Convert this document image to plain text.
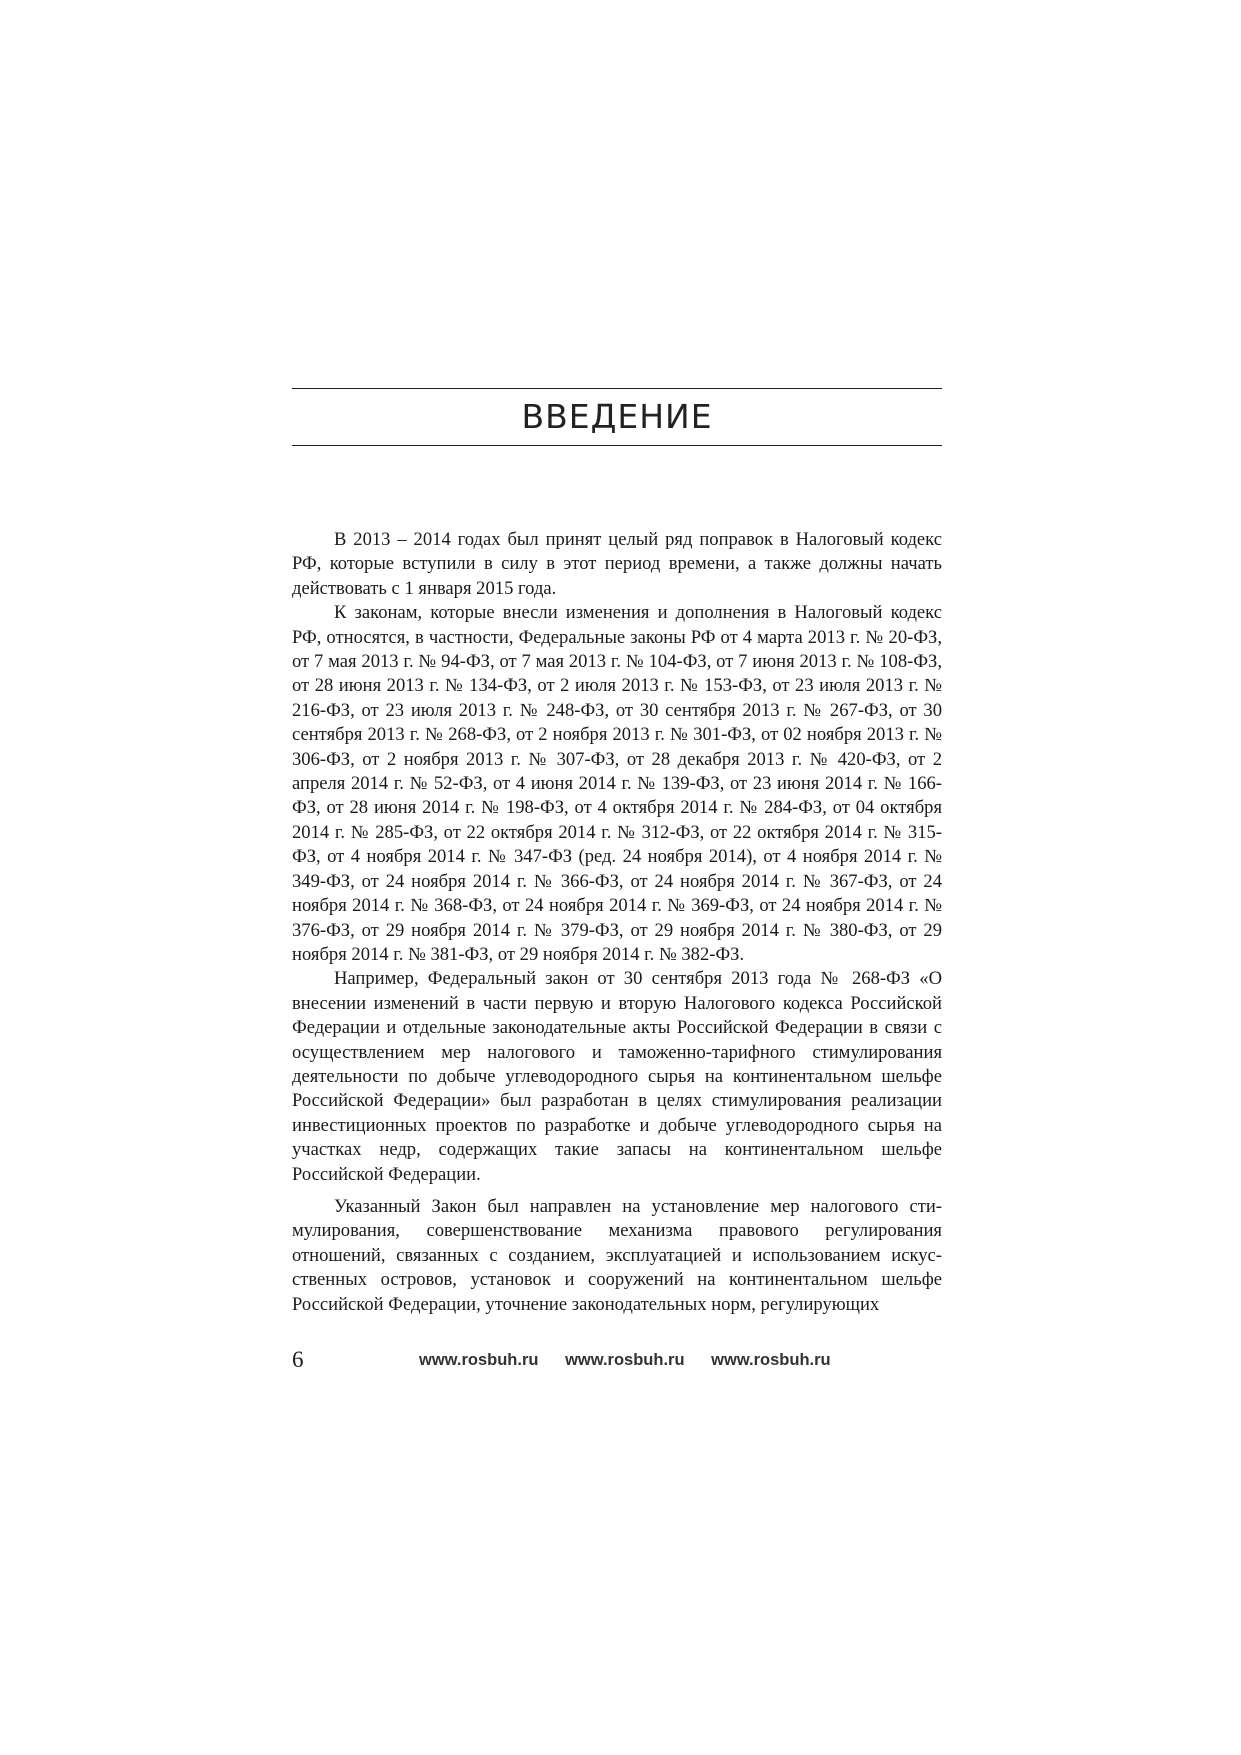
ВВЕДЕНИЕ

В 2013 – 2014 годах был принят целый ряд поправок в Налоговый кодекс РФ, которые вступили в силу в этот период времени, а также должны начать действовать с 1 января 2015 года.

К законам, которые внесли изменения и дополнения в Налоговый кодекс РФ, относятся, в частности, Федеральные законы РФ от 4 марта 2013 г. № 20-ФЗ, от 7 мая 2013 г. № 94-ФЗ, от 7 мая 2013 г. № 104-ФЗ, от 7 июня 2013 г. № 108-ФЗ, от 28 июня 2013 г. № 134-ФЗ, от 2 июля 2013 г. № 153-ФЗ, от 23 июля 2013 г. № 216-ФЗ, от 23 июля 2013 г. № 248-ФЗ, от 30 сентября 2013 г. № 267-ФЗ, от 30 сентября 2013 г. № 268-ФЗ, от 2 ноября 2013 г. № 301-ФЗ, от 02 ноября 2013 г. № 306-ФЗ, от 2 ноября 2013 г. № 307-ФЗ, от 28 декабря 2013 г. № 420-ФЗ, от 2 апреля 2014 г. № 52-ФЗ, от 4 июня 2014 г. № 139-ФЗ, от 23 июня 2014 г. № 166-ФЗ, от 28 июня 2014 г. № 198-ФЗ, от 4 октября 2014 г. № 284-ФЗ, от 04 октября 2014 г. № 285-ФЗ, от 22 октября 2014 г. № 312-ФЗ, от 22 октября 2014 г. № 315-ФЗ, от 4 ноября 2014 г. № 347-ФЗ (ред. 24 ноября 2014), от 4 ноября 2014 г. № 349-ФЗ, от 24 ноября 2014 г. № 366-ФЗ, от 24 ноября 2014 г. № 367-ФЗ, от 24 ноября 2014 г. № 368-ФЗ, от 24 ноября 2014 г. № 369-ФЗ, от 24 ноября 2014 г. № 376-ФЗ, от 29 ноября 2014 г. № 379-ФЗ, от 29 ноября 2014 г. № 380-ФЗ, от 29 ноября 2014 г. № 381-ФЗ, от 29 ноября 2014 г. № 382-ФЗ.

Например, Федеральный закон от 30 сентября 2013 года № 268-ФЗ «О внесении изменений в части первую и вторую Налогового кодекса Российской Федерации и отдельные законодательные акты Российской Федерации в связи с осуществлением мер налогового и таможенно-тарифного стимулирования деятельности по добыче углеводородного сырья на континентальном шельфе Российской Федерации» был разработан в целях стимулирования реализации инвестиционных проектов по разработке и добыче углеводородного сырья на участках недр, содержащих такие запасы на континентальном шельфе Российской Федерации.

Указанный Закон был направлен на установление мер налогового стимулирования, совершенствование механизма правового регулирования отношений, связанных с созданием, эксплуатацией и использованием искусственных островов, установок и сооружений на континентальном шельфе Российской Федерации, уточнение законодательных норм, регулирующих

6	www.rosbuh.ru www.rosbuh.ru www.rosbuh.ru
